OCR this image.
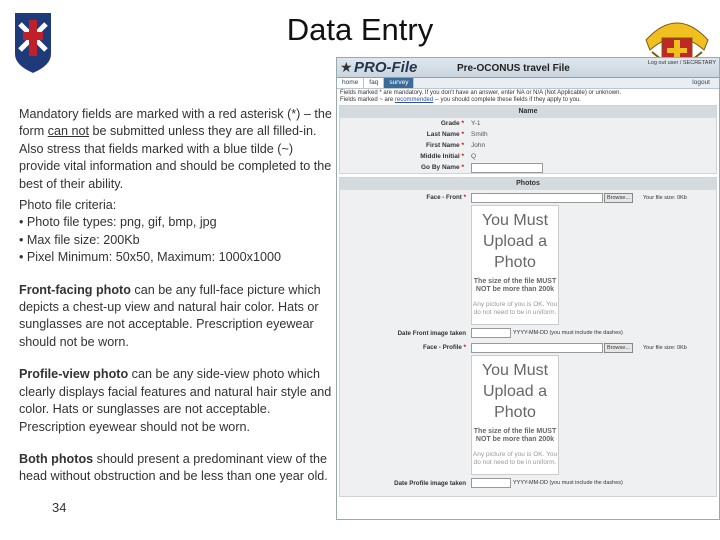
Data Entry

Mandatory fields are marked with a red asterisk (*) – the form can not be submitted unless they are all filled-in. Also stress that fields marked with a blue tilde (~) provide vital information and should be completed to the best of their ability.

Photo file criteria:

• Photo file types: png, gif, bmp, jpg
• Max file size: 200Kb
• Pixel Minimum: 50x50, Maximum: 1000x1000

Front-facing photo can be any full-face picture which depicts a chest-up view and natural hair color. Hats or sunglasses are not acceptable. Prescription eyewear should not be worn.

Profile-view photo can be any side-view photo which clearly displays facial features and natural hair style and color. Hats or sunglasses are not acceptable. Prescription eyewear should not be worn.

Both photos should present a predominant view of the head without obstruction and be less than one year old.

34
★ PRO-File	Pre-OCONUS travel File	Log out user / SECRETARY
home faq survey	logout
Fields marked * are mandatory. If you don't have an answer, enter NA or N/A (Not Applicable) or unknown.
Fields marked ~ are recommended -- you should complete these fields if they apply to you.
Name
Grade * Y-1
Last Name * Smith
First Name * John
Middle Initial * Q
Go By Name *
Photos
Face - Front *	Browse...	Your file size: 0Kb
You Must Upload a Photo
The size of the file MUST NOT be more than 200k
Any picture of you is OK. You do not need to be in uniform.
Date Front image taken	YYYY-MM-DD (you must include the dashes)
Face - Profile *	Browse...	Your file size: 0Kb
You Must Upload a Photo
The size of the file MUST NOT be more than 200k
Any picture of you is OK. You do not need to be in uniform.
Date Profile image taken	YYYY-MM-DD (you must include the dashes)
